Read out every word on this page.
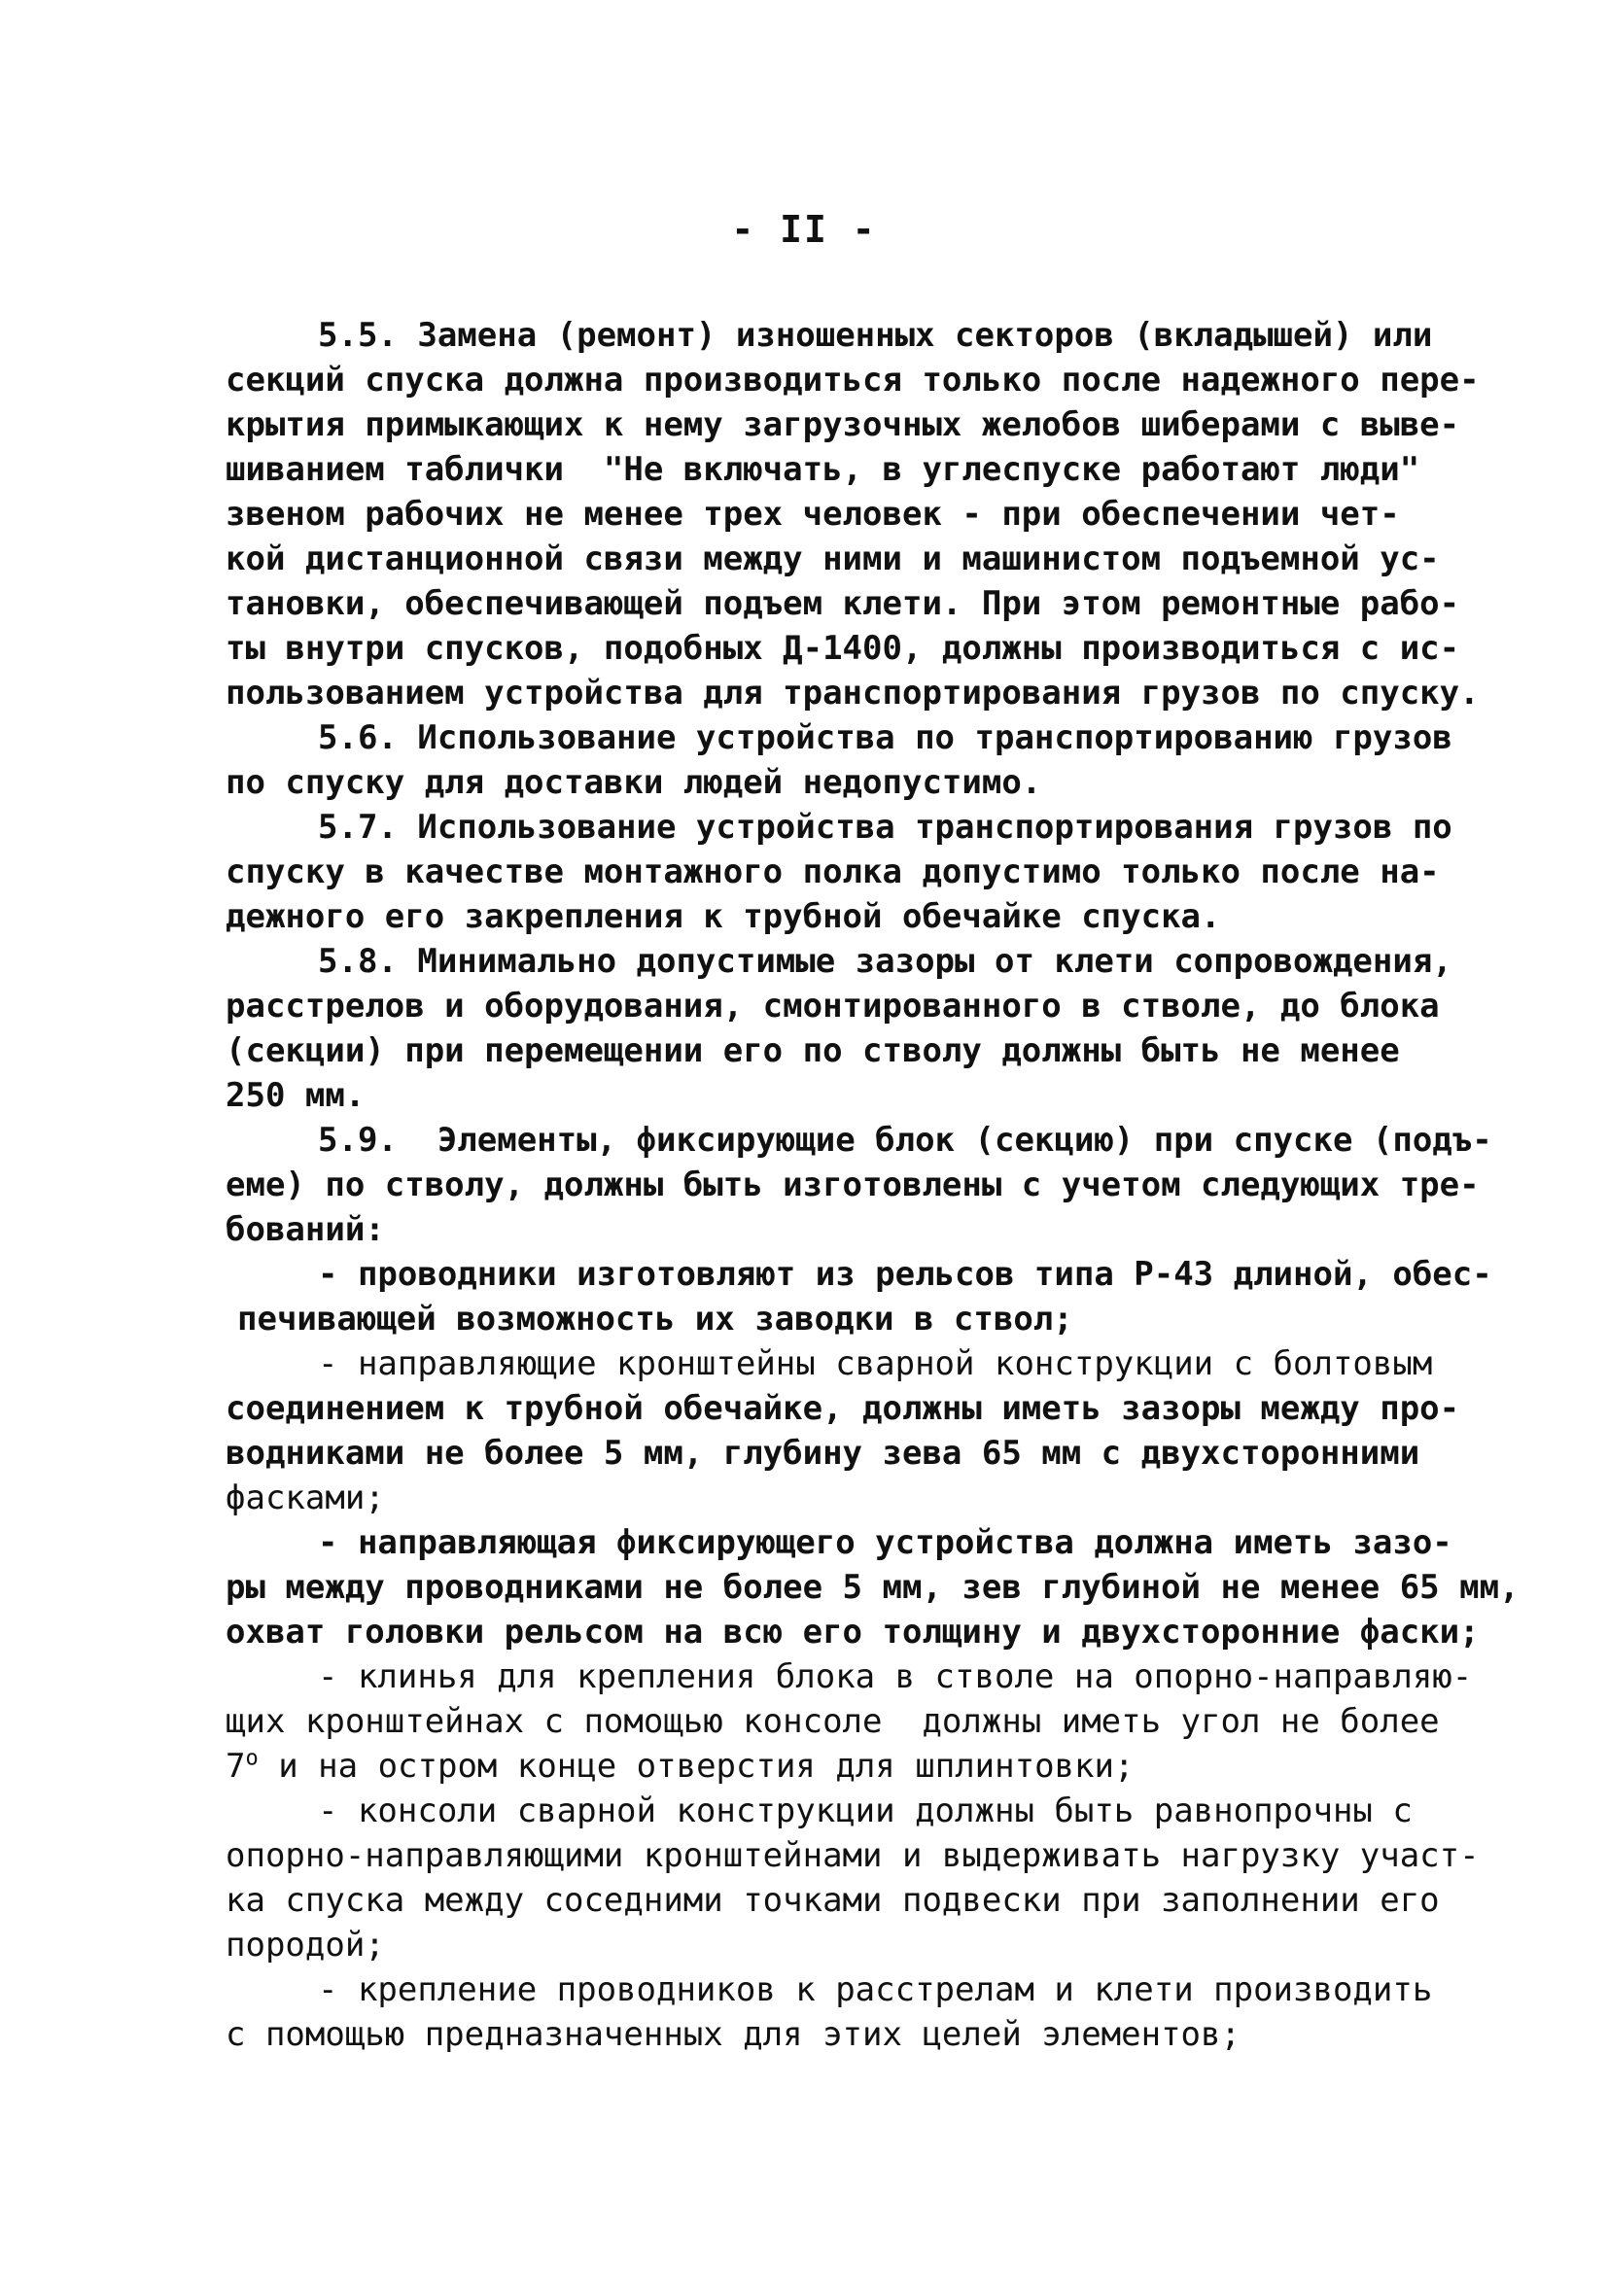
- II -
5.5. Замена (ремонт) изношенных секторов (вкладышей) или
секций спуска должна производиться только после надежного пере-
крытия примыкающих к нему загрузочных желобов шиберами с выве-
шиванием таблички  "Не включать, в углеспуске работают люди"
звеном рабочих не менее трех человек - при обеспечении чет-
кой дистанционной связи между ними и машинистом подъемной ус-
тановки, обеспечивающей подъем клети. При этом ремонтные рабо-
ты внутри спусков, подобных Д-1400, должны производиться с ис-
пользованием устройства для транспортирования грузов по спуску.
5.6. Использование устройства по транспортированию грузов
по спуску для доставки людей недопустимо.
5.7. Использование устройства транспортирования грузов по
спуску в качестве монтажного полка допустимо только после на-
дежного его закрепления к трубной обечайке спуска.
5.8. Минимально допустимые зазоры от клети сопровождения,
расстрелов и оборудования, смонтированного в стволе, до блока
(секции) при перемещении его по стволу должны быть не менее
250 мм.
5.9.  Элементы, фиксирующие блок (секцию) при спуске (подъ-
еме) по стволу, должны быть изготовлены с учетом следующих тре-
бований:
- проводники изготовляют из рельсов типа Р-43 длиной, обес-
печивающей возможность их заводки в ствол;
- направляющие кронштейны сварной конструкции с болтовым
соединением к трубной обечайке, должны иметь зазоры между про-
водниками не более 5 мм, глубину зева 65 мм с двухсторонними
фасками;
- направляющая фиксирующего устройства должна иметь зазо-
ры между проводниками не более 5 мм, зев глубиной не менее 65 мм,
охват головки рельсом на всю его толщину и двухсторонние фаски;
- клинья для крепления блока в стволе на опорно-направляю-
щих кронштейнах с помощью консоле  должны иметь угол не более
$7^о$ и на остром конце отверстия для шплинтовки;
- консоли сварной конструкции должны быть равнопрочны с
опорно-направляющими кронштейнами и выдерживать нагрузку участ-
ка спуска между соседними точками подвески при заполнении его
породой;
- крепление проводников к расстрелам и клети производить
с помощью предназначенных для этих целей элементов;
